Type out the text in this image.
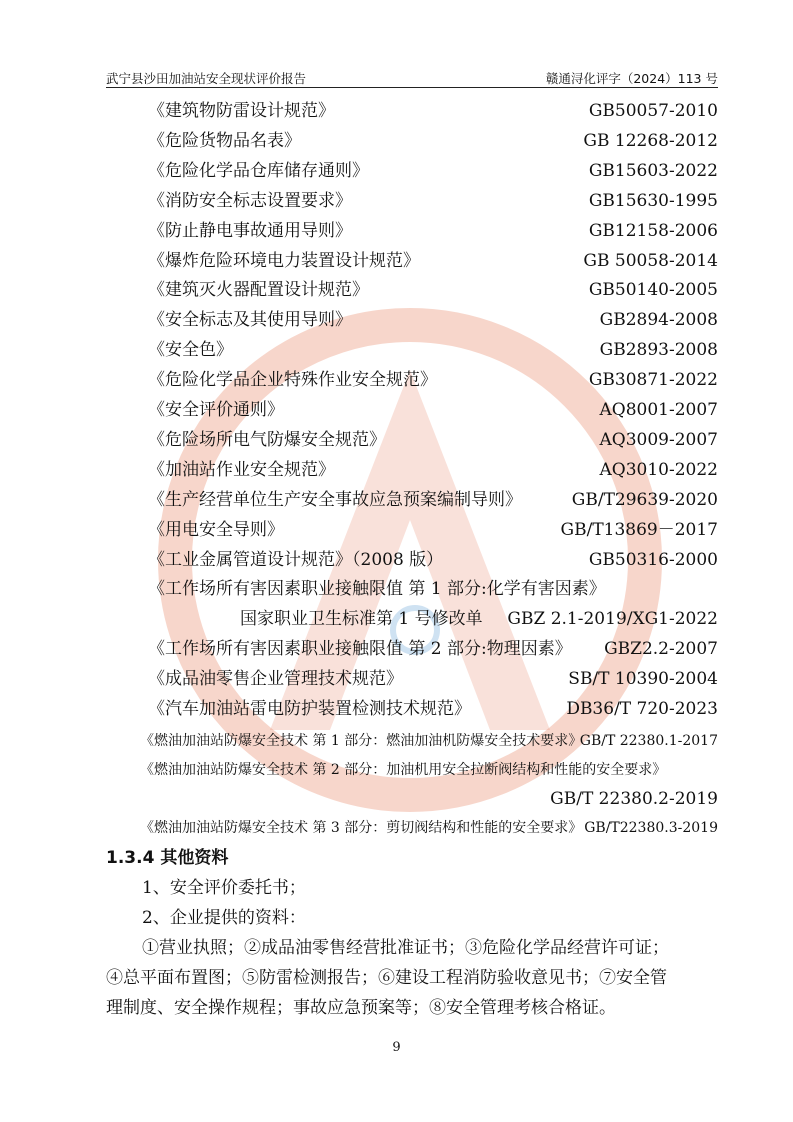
武宁县沙田加油站安全现状评价报告	赣通浔化评字（2024）113 号
《建筑物防雷设计规范》	GB50057-2010
《危险货物品名表》	GB 12268-2012
《危险化学品仓库储存通则》	GB15603-2022
《消防安全标志设置要求》	GB15630-1995
《防止静电事故通用导则》	GB12158-2006
《爆炸危险环境电力装置设计规范》	GB 50058-2014
《建筑灭火器配置设计规范》	GB50140-2005
《安全标志及其使用导则》	GB2894-2008
《安全色》	GB2893-2008
《危险化学品企业特殊作业安全规范》	GB30871-2022
《安全评价通则》	AQ8001-2007
《危险场所电气防爆安全规范》	AQ3009-2007
《加油站作业安全规范》	AQ3010-2022
《生产经营单位生产安全事故应急预案编制导则》	GB/T29639-2020
《用电安全导则》	GB/T13869－2017
《工业金属管道设计规范》（2008 版）	GB50316-2000
《工作场所有害因素职业接触限值 第 1 部分:化学有害因素》
国家职业卫生标准第 1 号修改单 GBZ 2.1-2019/XG1-2022
《工作场所有害因素职业接触限值 第 2 部分:物理因素》 GBZ2.2-2007
《成品油零售企业管理技术规范》	SB/T 10390-2004
《汽车加油站雷电防护装置检测技术规范》	DB36/T 720-2023
《燃油加油站防爆安全技术 第 1 部分：燃油加油机防爆安全技术要求》
GB/T 22380.1-2017
《燃油加油站防爆安全技术 第 2 部分：加油机用安全拉断阀结构和性能的安全要求》
GB/T 22380.2-2019
《燃油加油站防爆安全技术 第 3 部分：剪切阀结构和性能的安全要求》 GB/T22380.3-2019
1.3.4 其他资料
1、安全评价委托书；
2、企业提供的资料：
①营业执照；②成品油零售经营批准证书；③危险化学品经营许可证；
④总平面布置图；⑤防雷检测报告；⑥建设工程消防验收意见书；⑦安全管
理制度、安全操作规程；事故应急预案等；⑧安全管理考核合格证。
9
